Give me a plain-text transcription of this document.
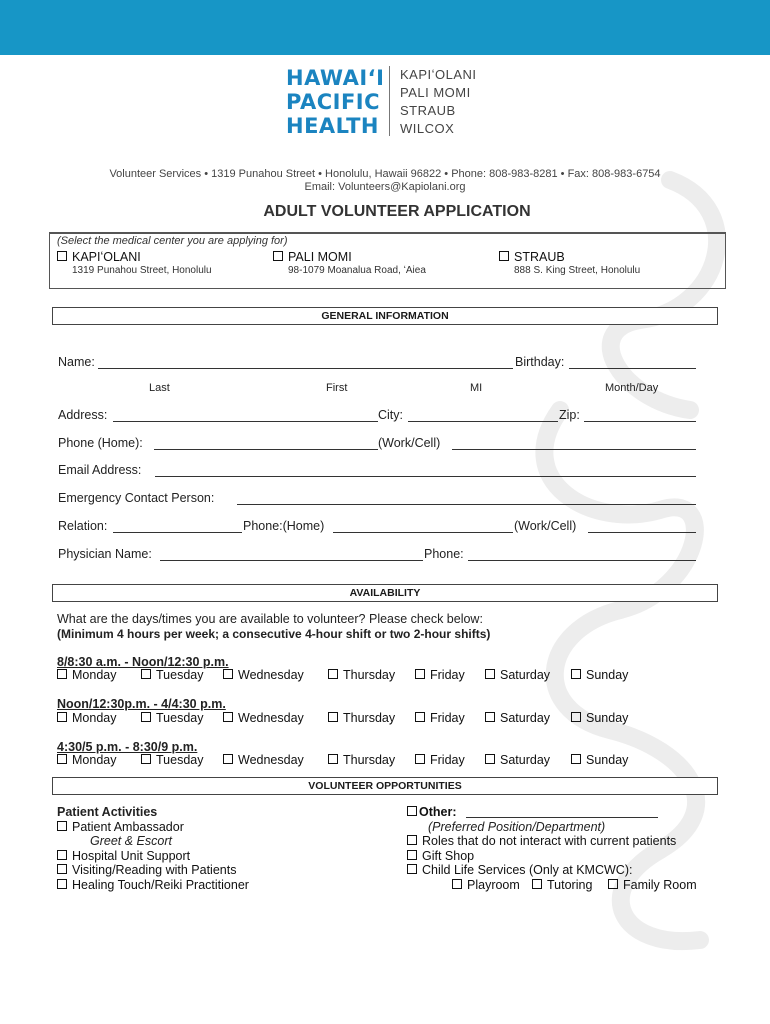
HAWAIʻI
PACIFIC
HEALTH
KAPIʻOLANI
PALI MOMI
STRAUB
WILCOX
Volunteer Services • 1319 Punahou Street • Honolulu, Hawaii 96822 • Phone: 808-983-8281 • Fax: 808-983-6754
Email: Volunteers@Kapiolani.org
ADULT VOLUNTEER APPLICATION
(Select the medical center you are applying for)
KAPIʻOLANI
1319 Punahou Street, Honolulu
PALI MOMI
98-1079 Moanalua Road, ʻAiea
STRAUB
888 S. King Street, Honolulu
GENERAL INFORMATION
Name:	Birthday:
Last	First	MI	Month/Day
Address:	City:	Zip:
Phone (Home):	(Work/Cell)
Email Address:
Emergency Contact Person:
Relation:	Phone:(Home)	(Work/Cell)
Physician Name:	Phone:
AVAILABILITY
What are the days/times you are available to volunteer? Please check below:
(Minimum 4 hours per week; a consecutive 4-hour shift or two 2-hour shifts)
8/8:30 a.m. - Noon/12:30 p.m.
Monday	Tuesday	Wednesday	Thursday	Friday	Saturday	Sunday
Noon/12:30p.m. - 4/4:30 p.m.
Monday	Tuesday	Wednesday	Thursday	Friday	Saturday	Sunday
4:30/5 p.m. - 8:30/9 p.m.
Monday	Tuesday	Wednesday	Thursday	Friday	Saturday	Sunday
VOLUNTEER OPPORTUNITIES
Patient Activities
Patient Ambassador
Greet & Escort
Hospital Unit Support
Visiting/Reading with Patients
Healing Touch/Reiki Practitioner
Other:
(Preferred Position/Department)
Roles that do not interact with current patients
Gift Shop
Child Life Services (Only at KMCWC):
Playroom	Tutoring	Family Room
